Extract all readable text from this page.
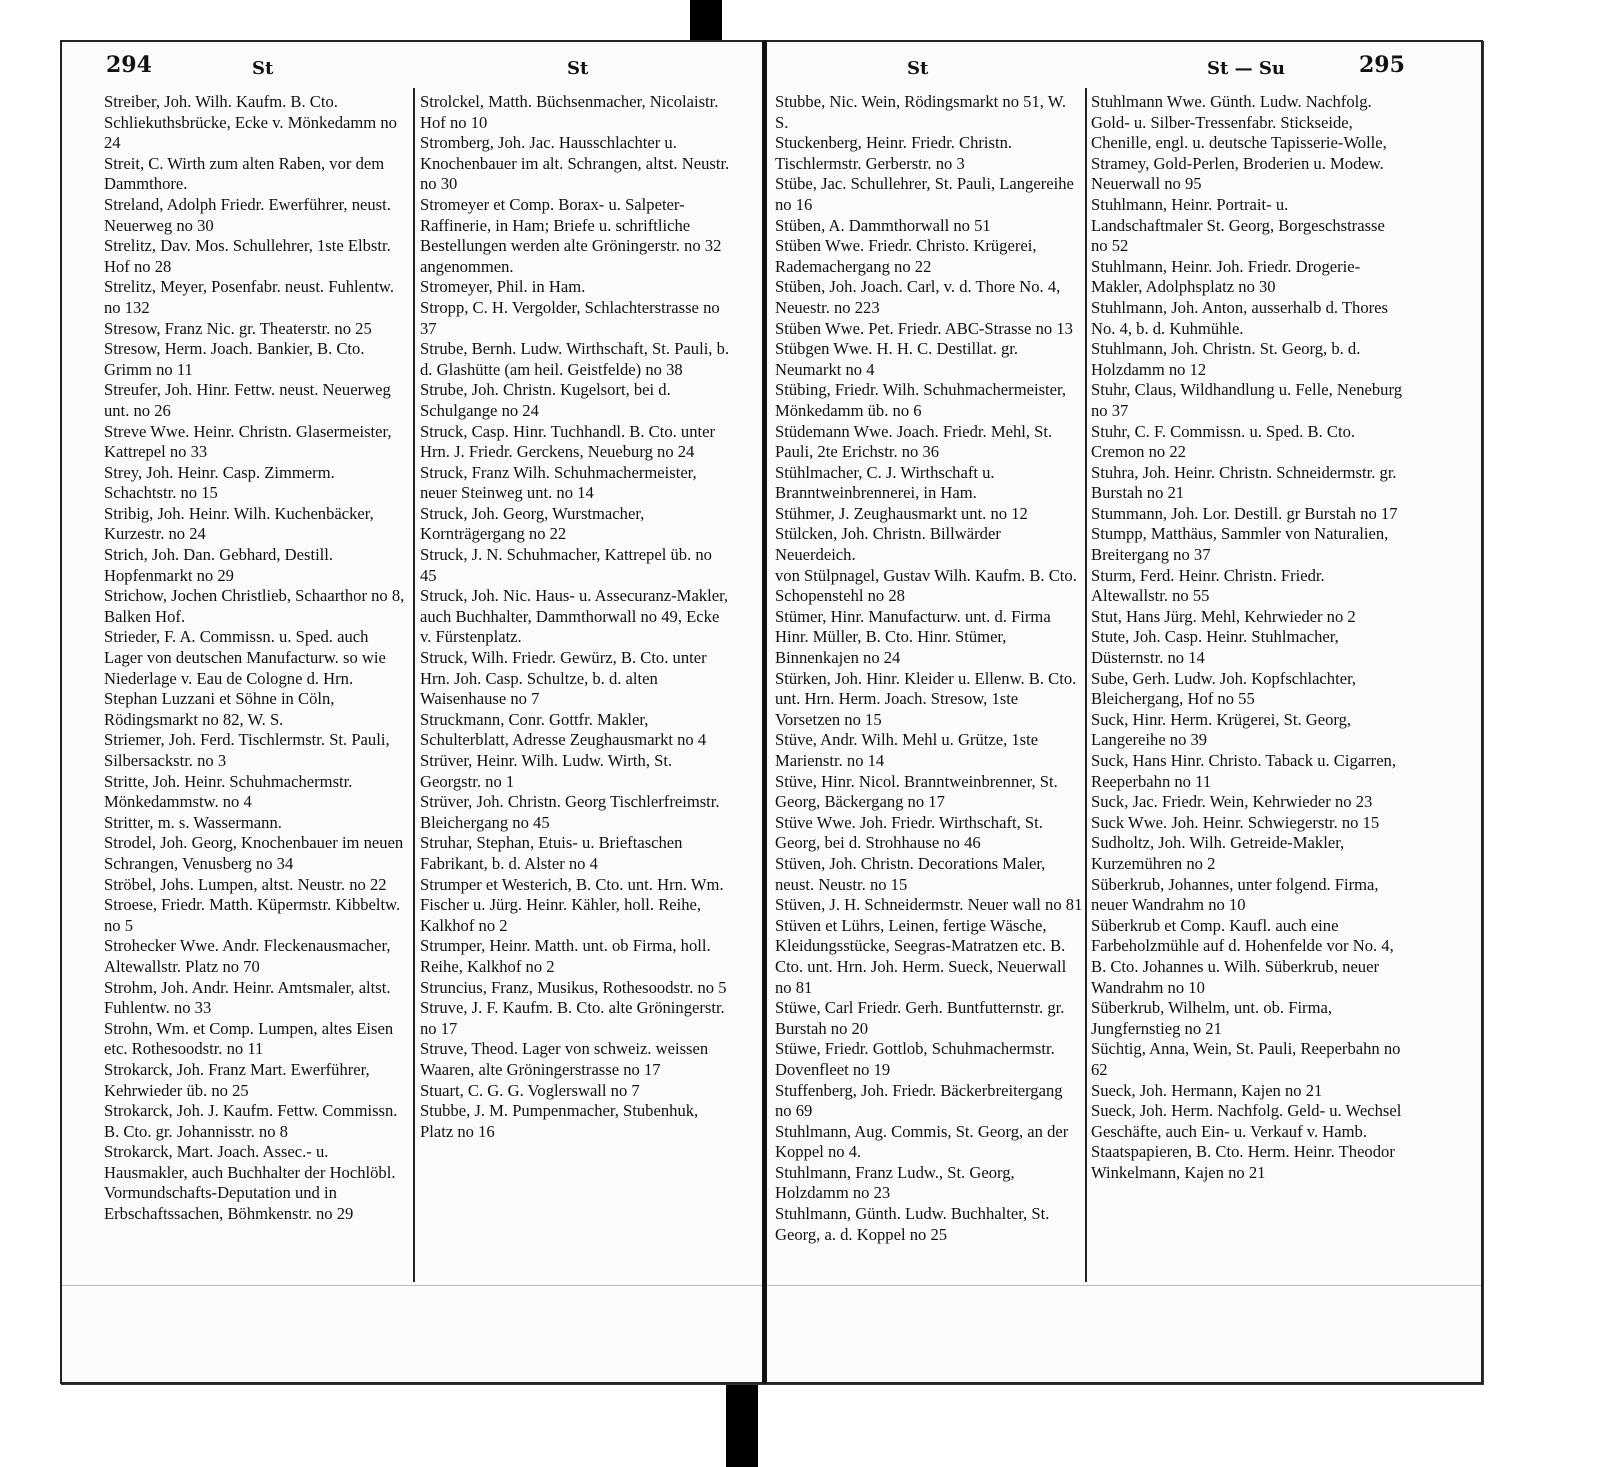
294	St	St
Streiber, Joh. Wilh. Kaufm. B. Cto. Schliekuthsbrücke, Ecke v. Mönkedamm no 24
Streit, C. Wirth zum alten Raben, vor dem Dammthore.
Streland, Adolph Friedr. Ewerführer, neust. Neuerweg no 30
Strelitz, Dav. Mos. Schullehrer, 1ste Elbstr. Hof no 28
Strelitz, Meyer, Posenfabr. neust. Fuhlentw. no 132
Stresow, Franz Nic. gr. Theaterstr. no 25
Stresow, Herm. Joach. Bankier, B. Cto. Grimm no 11
Streufer, Joh. Hinr. Fettw. neust. Neuerweg unt. no 26
Streve Wwe. Heinr. Christn. Glasermeister, Kattrepel no 33
Strey, Joh. Heinr. Casp. Zimmerm. Schachtstr. no 15
Stribig, Joh. Heinr. Wilh. Kuchenbäcker, Kurzestr. no 24
Strich, Joh. Dan. Gebhard, Destill. Hopfenmarkt no 29
Strichow, Jochen Christlieb, Schaarthor no 8, Balken Hof.
Strieder, F. A. Commissn. u. Sped. auch Lager von deutschen Manufacturw. so wie Niederlage v. Eau de Cologne d. Hrn. Stephan Luzzani et Söhne in Cöln, Rödingsmarkt no 82, W. S.
Striemer, Joh. Ferd. Tischlermstr. St. Pauli, Silbersackstr. no 3
Stritte, Joh. Heinr. Schuhmachermstr. Mönkedammstw. no 4
Stritter, m. s. Wassermann.
Strodel, Joh. Georg, Knochenbauer im neuen Schrangen, Venusberg no 34
Ströbel, Johs. Lumpen, altst. Neustr. no 22
Stroese, Friedr. Matth. Küpermstr. Kibbeltw. no 5
Strohecker Wwe. Andr. Fleckenausmacher, Altewallstr. Platz no 70
Strohm, Joh. Andr. Heinr. Amtsmaler, altst. Fuhlentw. no 33
Strohn, Wm. et Comp. Lumpen, altes Eisen etc. Rothesoodstr. no 11
Strokarck, Joh. Franz Mart. Ewerführer, Kehrwieder üb. no 25
Strokarck, Joh. J. Kaufm. Fettw. Commissn. B. Cto. gr. Johannisstr. no 8
Strokarck, Mart. Joach. Assec.- u. Hausmakler, auch Buchhalter der Hochlöbl. Vormundschafts-Deputation und in Erbschaftssachen, Böhmkenstr. no 29
Strolckel, Matth. Büchsenmacher, Nicolaistr. Hof no 10
Stromberg, Joh. Jac. Hausschlachter u. Knochenbauer im alt. Schrangen, altst. Neustr. no 30
Stromeyer et Comp. Borax- u. Salpeter-Raffinerie, in Ham; Briefe u. schriftliche Bestellungen werden alte Gröningerstr. no 32 angenommen.
Stromeyer, Phil. in Ham.
Stropp, C. H. Vergolder, Schlachterstrasse no 37
Strube, Bernh. Ludw. Wirthschaft, St. Pauli, b. d. Glashütte (am heil. Geistfelde) no 38
Strube, Joh. Christn. Kugelsort, bei d. Schulgange no 24
Struck, Casp. Hinr. Tuchhandl. B. Cto. unter Hrn. J. Friedr. Gerckens, Neueburg no 24
Struck, Franz Wilh. Schuhmachermeister, neuer Steinweg unt. no 14
Struck, Joh. Georg, Wurstmacher, Kornträgergang no 22
Struck, J. N. Schuhmacher, Kattrepel üb. no 45
Struck, Joh. Nic. Haus- u. Assecuranz-Makler, auch Buchhalter, Dammthorwall no 49, Ecke v. Fürstenplatz.
Struck, Wilh. Friedr. Gewürz, B. Cto. unter Hrn. Joh. Casp. Schultze, b. d. alten Waisenhause no 7
Struckmann, Conr. Gottfr. Makler, Schulterblatt, Adresse Zeughausmarkt no 4
Strüver, Heinr. Wilh. Ludw. Wirth, St. Georgstr. no 1
Strüver, Joh. Christn. Georg Tischlerfreimstr. Bleichergang no 45
Struhar, Stephan, Etuis- u. Brieftaschen Fabrikant, b. d. Alster no 4
Strumper et Westerich, B. Cto. unt. Hrn. Wm. Fischer u. Jürg. Heinr. Kähler, holl. Reihe, Kalkhof no 2
Strumper, Heinr. Matth. unt. ob Firma, holl. Reihe, Kalkhof no 2
Struncius, Franz, Musikus, Rothesoodstr. no 5
Struve, J. F. Kaufm. B. Cto. alte Gröningerstr. no 17
Struve, Theod. Lager von schweiz. weissen Waaren, alte Gröningerstrasse no 17
Stuart, C. G. G. Voglerswall no 7
Stubbe, J. M. Pumpenmacher, Stubenhuk, Platz no 16
St	St — Su	295
Stubbe, Nic. Wein, Rödingsmarkt no 51, W. S.
Stuckenberg, Heinr. Friedr. Christn. Tischlermstr. Gerberstr. no 3
Stübe, Jac. Schullehrer, St. Pauli, Langereihe no 16
Stüben, A. Dammthorwall no 51
Stüben Wwe. Friedr. Christo. Krügerei, Rademachergang no 22
Stüben, Joh. Joach. Carl, v. d. Thore No. 4, Neuestr. no 223
Stüben Wwe. Pet. Friedr. ABC-Strasse no 13
Stübgen Wwe. H. H. C. Destillat. gr. Neumarkt no 4
Stübing, Friedr. Wilh. Schuhmachermeister, Mönkedamm üb. no 6
Stüdemann Wwe. Joach. Friedr. Mehl, St. Pauli, 2te Erichstr. no 36
Stühlmacher, C. J. Wirthschaft u. Branntweinbrennerei, in Ham.
Stühmer, J. Zeughausmarkt unt. no 12
Stülcken, Joh. Christn. Billwärder Neuerdeich.
von Stülpnagel, Gustav Wilh. Kaufm. B. Cto. Schopenstehl no 28
Stümer, Hinr. Manufacturw. unt. d. Firma Hinr. Müller, B. Cto. Hinr. Stümer, Binnenkajen no 24
Stürken, Joh. Hinr. Kleider u. Ellenw. B. Cto. unt. Hrn. Herm. Joach. Stresow, 1ste Vorsetzen no 15
Stüve, Andr. Wilh. Mehl u. Grütze, 1ste Marienstr. no 14
Stüve, Hinr. Nicol. Branntweinbrenner, St. Georg, Bäckergang no 17
Stüve Wwe. Joh. Friedr. Wirthschaft, St. Georg, bei d. Strohhause no 46
Stüven, Joh. Christn. Decorations Maler, neust. Neustr. no 15
Stüven, J. H. Schneidermstr. Neuer wall no 81
Stüven et Lührs, Leinen, fertige Wäsche, Kleidungsstücke, Seegras-Matratzen etc. B. Cto. unt. Hrn. Joh. Herm. Sueck, Neuerwall no 81
Stüwe, Carl Friedr. Gerh. Buntfutternstr. gr. Burstah no 20
Stüwe, Friedr. Gottlob, Schuhmachermstr. Dovenfleet no 19
Stuffenberg, Joh. Friedr. Bäckerbreitergang no 69
Stuhlmann, Aug. Commis, St. Georg, an der Koppel no 4.
Stuhlmann, Franz Ludw., St. Georg, Holzdamm no 23
Stuhlmann, Günth. Ludw. Buchhalter, St. Georg, a. d. Koppel no 25
Stuhlmann Wwe. Günth. Ludw. Nachfolg. Gold- u. Silber-Tressenfabr. Stickseide, Chenille, engl. u. deutsche Tapisserie-Wolle, Stramey, Gold-Perlen, Broderien u. Modew. Neuerwall no 95
Stuhlmann, Heinr. Portrait- u. Landschaftmaler St. Georg, Borgeschstrasse no 52
Stuhlmann, Heinr. Joh. Friedr. Drogerie-Makler, Adolphsplatz no 30
Stuhlmann, Joh. Anton, ausserhalb d. Thores No. 4, b. d. Kuhmühle.
Stuhlmann, Joh. Christn. St. Georg, b. d. Holzdamm no 12
Stuhr, Claus, Wildhandlung u. Felle, Neneburg no 37
Stuhr, C. F. Commissn. u. Sped. B. Cto. Cremon no 22
Stuhra, Joh. Heinr. Christn. Schneidermstr. gr. Burstah no 21
Stummann, Joh. Lor. Destill. gr Burstah no 17
Stumpp, Matthäus, Sammler von Naturalien, Breitergang no 37
Sturm, Ferd. Heinr. Christn. Friedr. Altewallstr. no 55
Stut, Hans Jürg. Mehl, Kehrwieder no 2
Stute, Joh. Casp. Heinr. Stuhlmacher, Düsternstr. no 14
Sube, Gerh. Ludw. Joh. Kopfschlachter, Bleichergang, Hof no 55
Suck, Hinr. Herm. Krügerei, St. Georg, Langereihe no 39
Suck, Hans Hinr. Christo. Taback u. Cigarren, Reeperbahn no 11
Suck, Jac. Friedr. Wein, Kehrwieder no 23
Suck Wwe. Joh. Heinr. Schwiegerstr. no 15
Sudholtz, Joh. Wilh. Getreide-Makler, Kurzemühren no 2
Süberkrub, Johannes, unter folgend. Firma, neuer Wandrahm no 10
Süberkrub et Comp. Kaufl. auch eine Farbeholzmühle auf d. Hohenfelde vor No. 4, B. Cto. Johannes u. Wilh. Süberkrub, neuer Wandrahm no 10
Süberkrub, Wilhelm, unt. ob. Firma, Jungfernstieg no 21
Süchtig, Anna, Wein, St. Pauli, Reeperbahn no 62
Sueck, Joh. Hermann, Kajen no 21
Sueck, Joh. Herm. Nachfolg. Geld- u. Wechsel Geschäfte, auch Ein- u. Verkauf v. Hamb. Staatspapieren, B. Cto. Herm. Heinr. Theodor Winkelmann, Kajen no 21
